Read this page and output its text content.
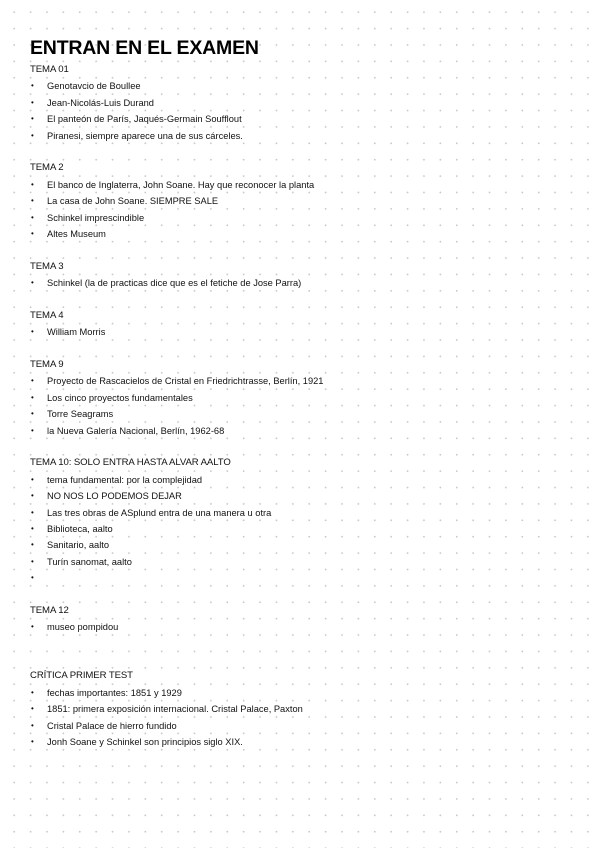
ENTRAN EN EL EXAMEN

TEMA 01

• Genotavcio de Boullee
• Jean-Nicolás-Luis Durand
• El panteón de París, Jaqués-Germain Soufflout
• Piranesi, siempre aparece una de sus cárceles.

TEMA 2

• El banco de Inglaterra, John Soane. Hay que reconocer la planta
• La casa de John Soane. SIEMPRE SALE
• Schinkel imprescindible
• Altes Museum

TEMA 3

• Schinkel (la de practicas dice que es el fetiche de Jose Parra)

TEMA 4

• William Morris

TEMA 9

• Proyecto de Rascacielos de Cristal en Friedrichtrasse, Berlín, 1921
• Los cinco proyectos fundamentales
• Torre Seagrams
• la Nueva Galería Nacional, Berlín, 1962-68

TEMA 10: SOLO ENTRA HASTA ALVAR AALTO

• tema fundamental: por la complejidad
• NO NOS LO PODEMOS DEJAR
• Las tres obras de ASplund entra de una manera u otra
• Biblioteca, aalto
• Sanitario, aalto
• Turín sanomat, aalto
•

TEMA 12

• museo pompidou

CRÍTICA PRIMER TEST

• fechas importantes: 1851 y 1929
• 1851: primera exposición internacional. Cristal Palace, Paxton
• Cristal Palace de hierro fundido
• Jonh Soane y Schinkel son principios siglo XIX.
